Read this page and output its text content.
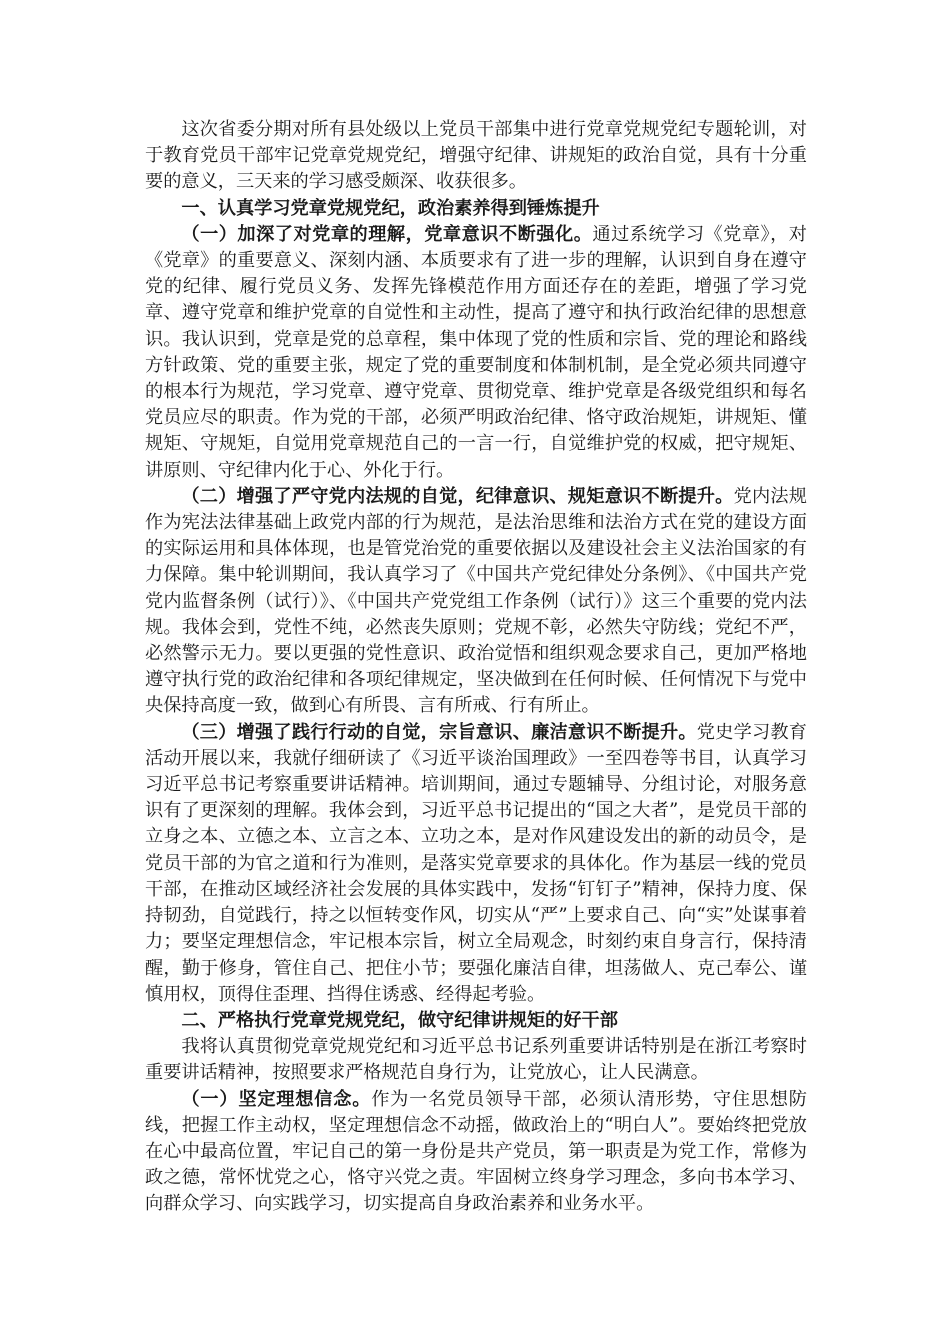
这次省委分期对所有县处级以上党员干部集中进行党章党规党纪专题轮训，对于教育党员干部牢记党章党规党纪，增强守纪律、讲规矩的政治自觉，具有十分重要的意义，三天来的学习感受颇深、收获很多。

一、认真学习党章党规党纪，政治素养得到锤炼提升

（一）加深了对党章的理解，党章意识不断强化。通过系统学习《党章》，对《党章》的重要意义、深刻内涵、本质要求有了进一步的理解，认识到自身在遵守党的纪律、履行党员义务、发挥先锋模范作用方面还存在的差距，增强了学习党章、遵守党章和维护党章的自觉性和主动性，提高了遵守和执行政治纪律的思想意识。我认识到，党章是党的总章程，集中体现了党的性质和宗旨、党的理论和路线方针政策、党的重要主张，规定了党的重要制度和体制机制，是全党必须共同遵守的根本行为规范，学习党章、遵守党章、贯彻党章、维护党章是各级党组织和每名党员应尽的职责。作为党的干部，必须严明政治纪律、恪守政治规矩，讲规矩、懂规矩、守规矩，自觉用党章规范自己的一言一行，自觉维护党的权威，把守规矩、讲原则、守纪律内化于心、外化于行。

（二）增强了严守党内法规的自觉，纪律意识、规矩意识不断提升。党内法规作为宪法法律基础上政党内部的行为规范，是法治思维和法治方式在党的建设方面的实际运用和具体体现，也是管党治党的重要依据以及建设社会主义法治国家的有力保障。集中轮训期间，我认真学习了《中国共产党纪律处分条例》、《中国共产党党内监督条例（试行）》、《中国共产党党组工作条例（试行）》这三个重要的党内法规。我体会到，党性不纯，必然丧失原则；党规不彰，必然失守防线；党纪不严，必然警示无力。要以更强的党性意识、政治觉悟和组织观念要求自己，更加严格地遵守执行党的政治纪律和各项纪律规定，坚决做到在任何时候、任何情况下与党中央保持高度一致，做到心有所畏、言有所戒、行有所止。

（三）增强了践行行动的自觉，宗旨意识、廉洁意识不断提升。党史学习教育活动开展以来，我就仔细研读了《习近平谈治国理政》一至四卷等书目，认真学习习近平总书记考察重要讲话精神。培训期间，通过专题辅导、分组讨论，对服务意识有了更深刻的理解。我体会到，习近平总书记提出的“国之大者”，是党员干部的立身之本、立德之本、立言之本、立功之本，是对作风建设发出的新的动员令，是党员干部的为官之道和行为准则，是落实党章要求的具体化。作为基层一线的党员干部，在推动区域经济社会发展的具体实践中，发扬“钉钉子”精神，保持力度、保持韧劲，自觉践行，持之以恒转变作风，切实从“严”上要求自己、向“实”处谋事着力；要坚定理想信念，牢记根本宗旨，树立全局观念，时刻约束自身言行，保持清醒，勤于修身，管住自己、把住小节；要强化廉洁自律，坦荡做人、克己奉公、谨慎用权，顶得住歪理、挡得住诱惑、经得起考验。

二、严格执行党章党规党纪，做守纪律讲规矩的好干部

我将认真贯彻党章党规党纪和习近平总书记系列重要讲话特别是在浙江考察时重要讲话精神，按照要求严格规范自身行为，让党放心，让人民满意。

（一）坚定理想信念。作为一名党员领导干部，必须认清形势，守住思想防线，把握工作主动权，坚定理想信念不动摇，做政治上的“明白人”。要始终把党放在心中最高位置，牢记自己的第一身份是共产党员，第一职责是为党工作，常修为政之德，常怀忧党之心，恪守兴党之责。牢固树立终身学习理念，多向书本学习、向群众学习、向实践学习，切实提高自身政治素养和业务水平。
